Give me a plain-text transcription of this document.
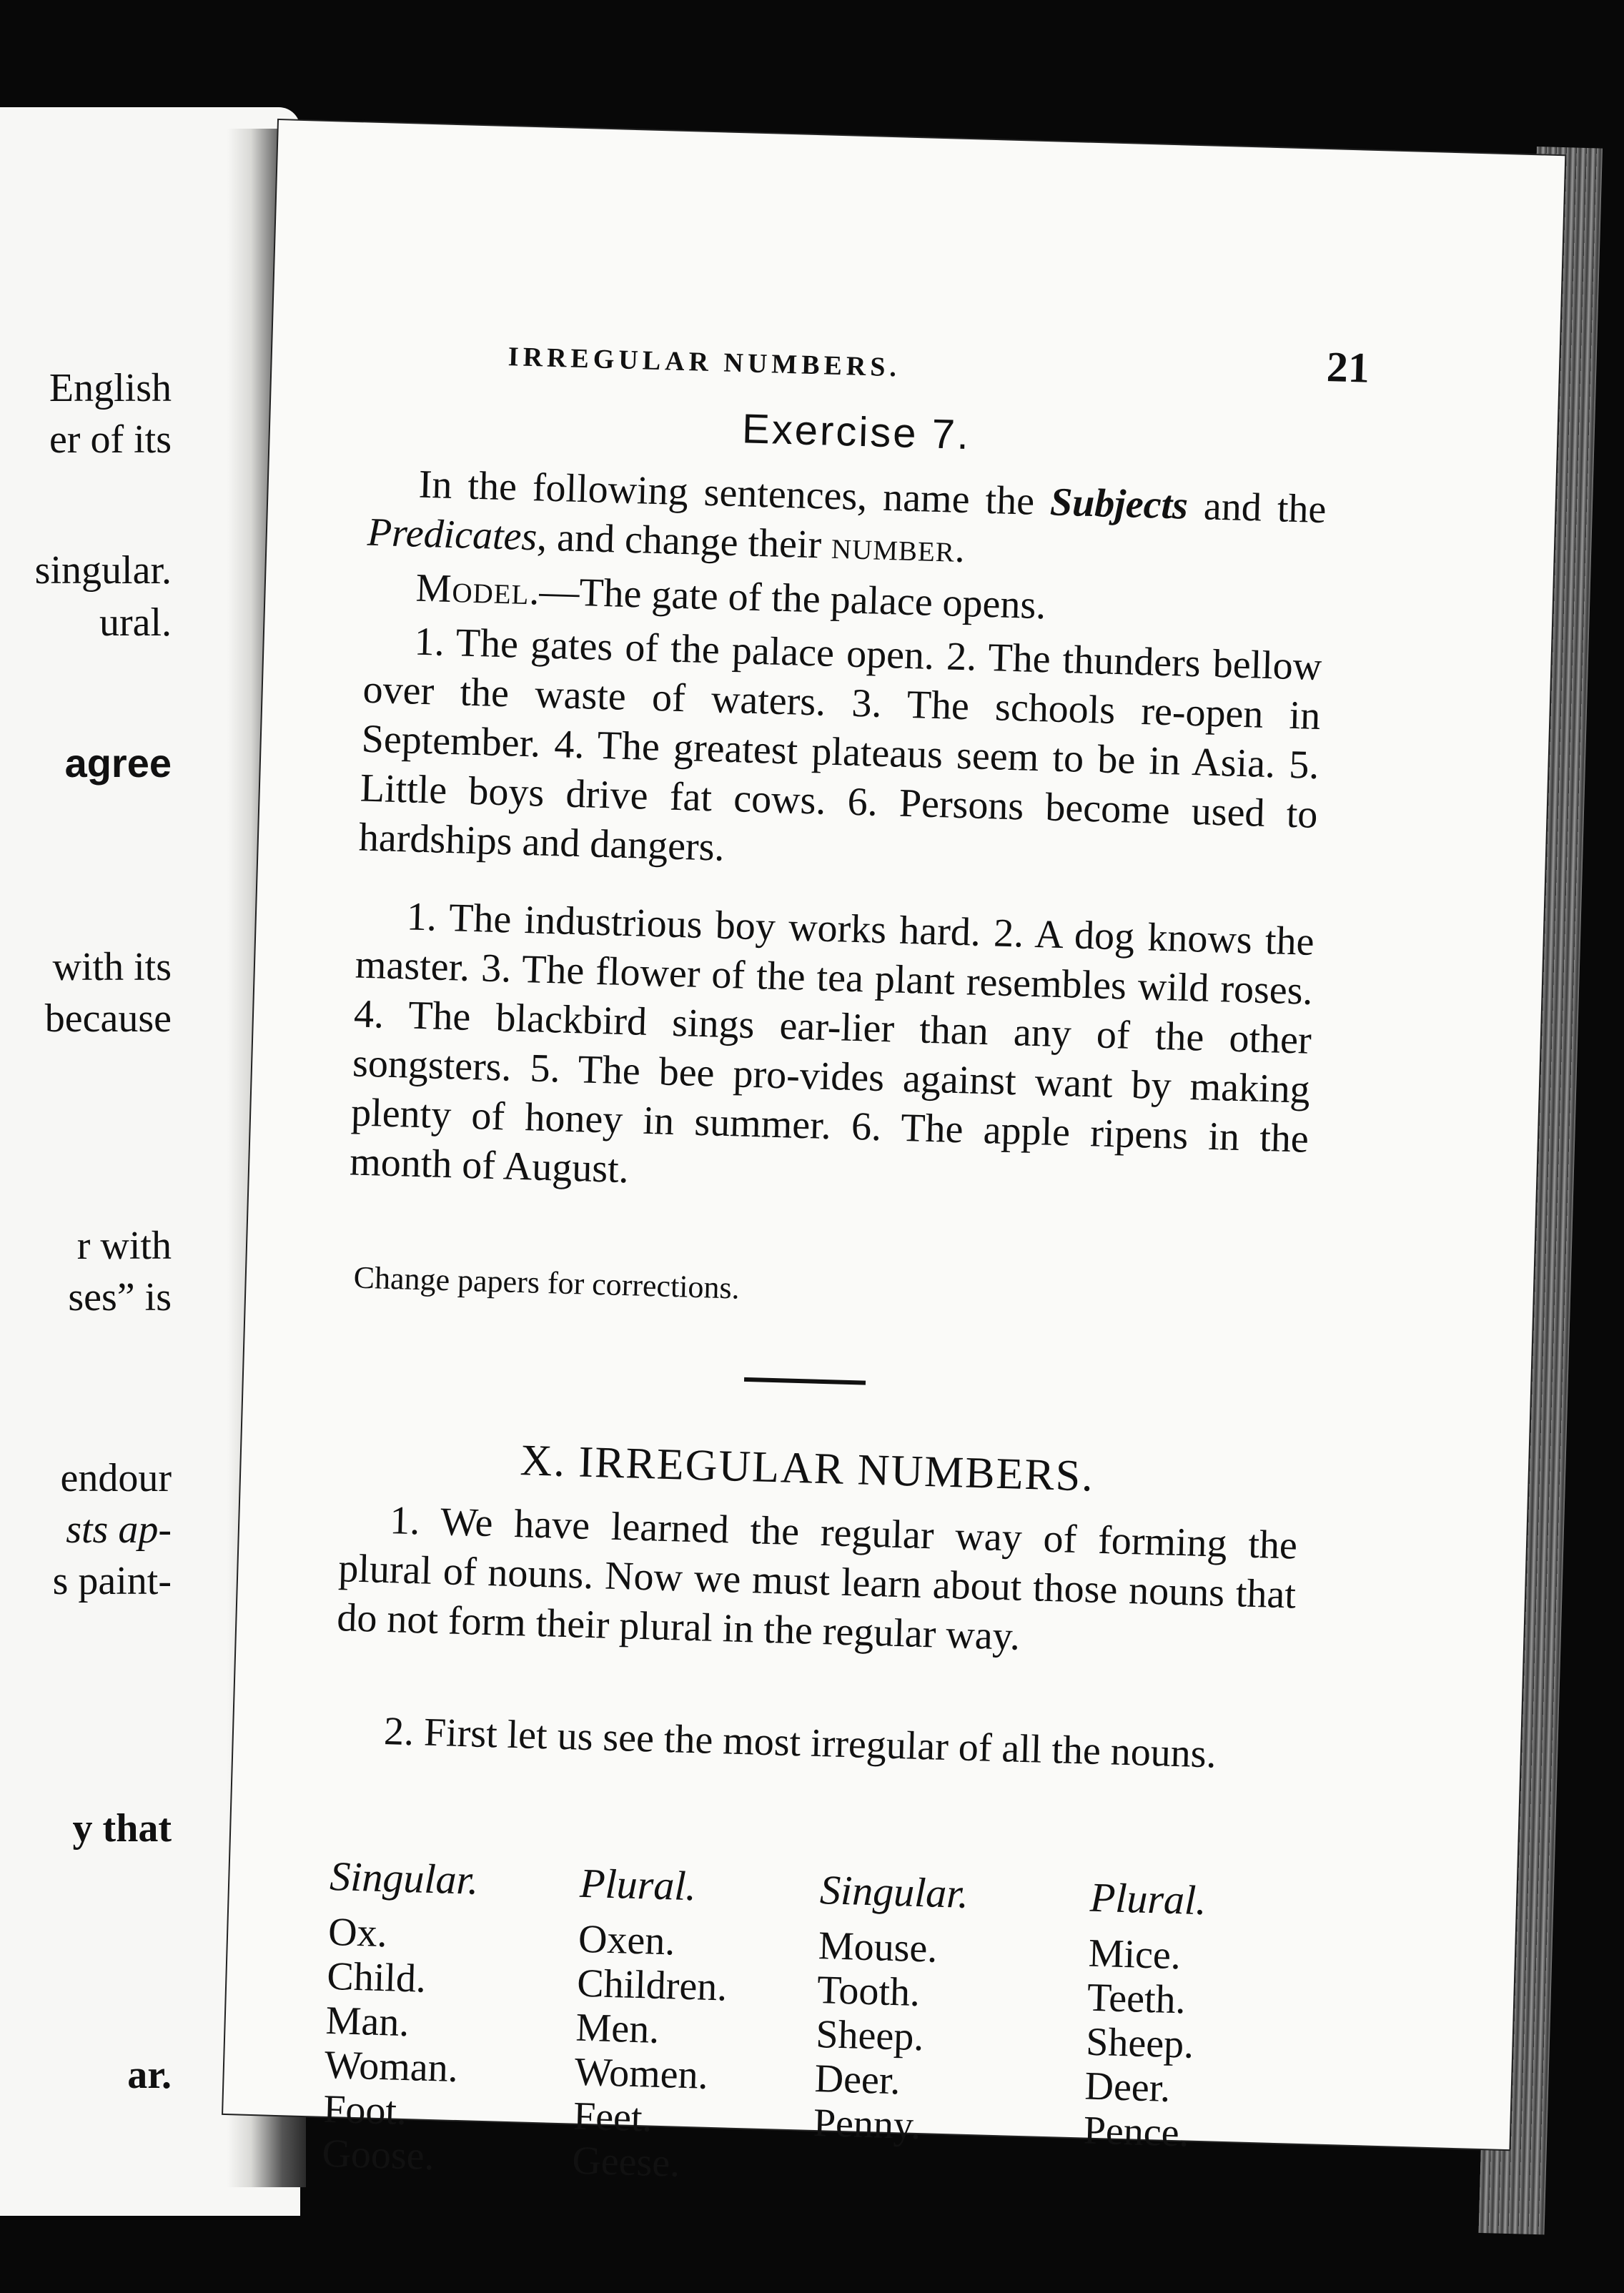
English
er of its
singular.
ural.
agree
with its
because
r with
ses” is
endour
sts ap-
s paint-
y that
ar.
IRREGULAR NUMBERS.	21
Exercise 7.

In the following sentences, name the Subjects and the Predicates, and change their number.

Model.—The gate of the palace opens.

1. The gates of the palace open. 2. The thunders bellow over the waste of waters. 3. The schools re-open in September. 4. The greatest plateaus seem to be in Asia. 5. Little boys drive fat cows. 6. Persons become used to hardships and dangers.

1. The industrious boy works hard. 2. A dog knows the master. 3. The flower of the tea plant resembles wild roses. 4. The blackbird sings ear-lier than any of the other songsters. 5. The bee pro-vides against want by making plenty of honey in summer. 6. The apple ripens in the month of August.

Change papers for corrections.
X. IRREGULAR NUMBERS.

1. We have learned the regular way of forming the plural of nouns. Now we must learn about those nouns that do not form their plural in the regular way.

2. First let us see the most irregular of all the nouns.

Singular.	Plural.	Singular.	Plural.
Ox.	Oxen.	Mouse.	Mice.
Child.	Children.	Tooth.	Teeth.
Man.	Men.	Sheep.	Sheep.
Woman.	Women.	Deer.	Deer.
Foot.	Feet.	Penny.	Pence.
Goose.	Geese.		
